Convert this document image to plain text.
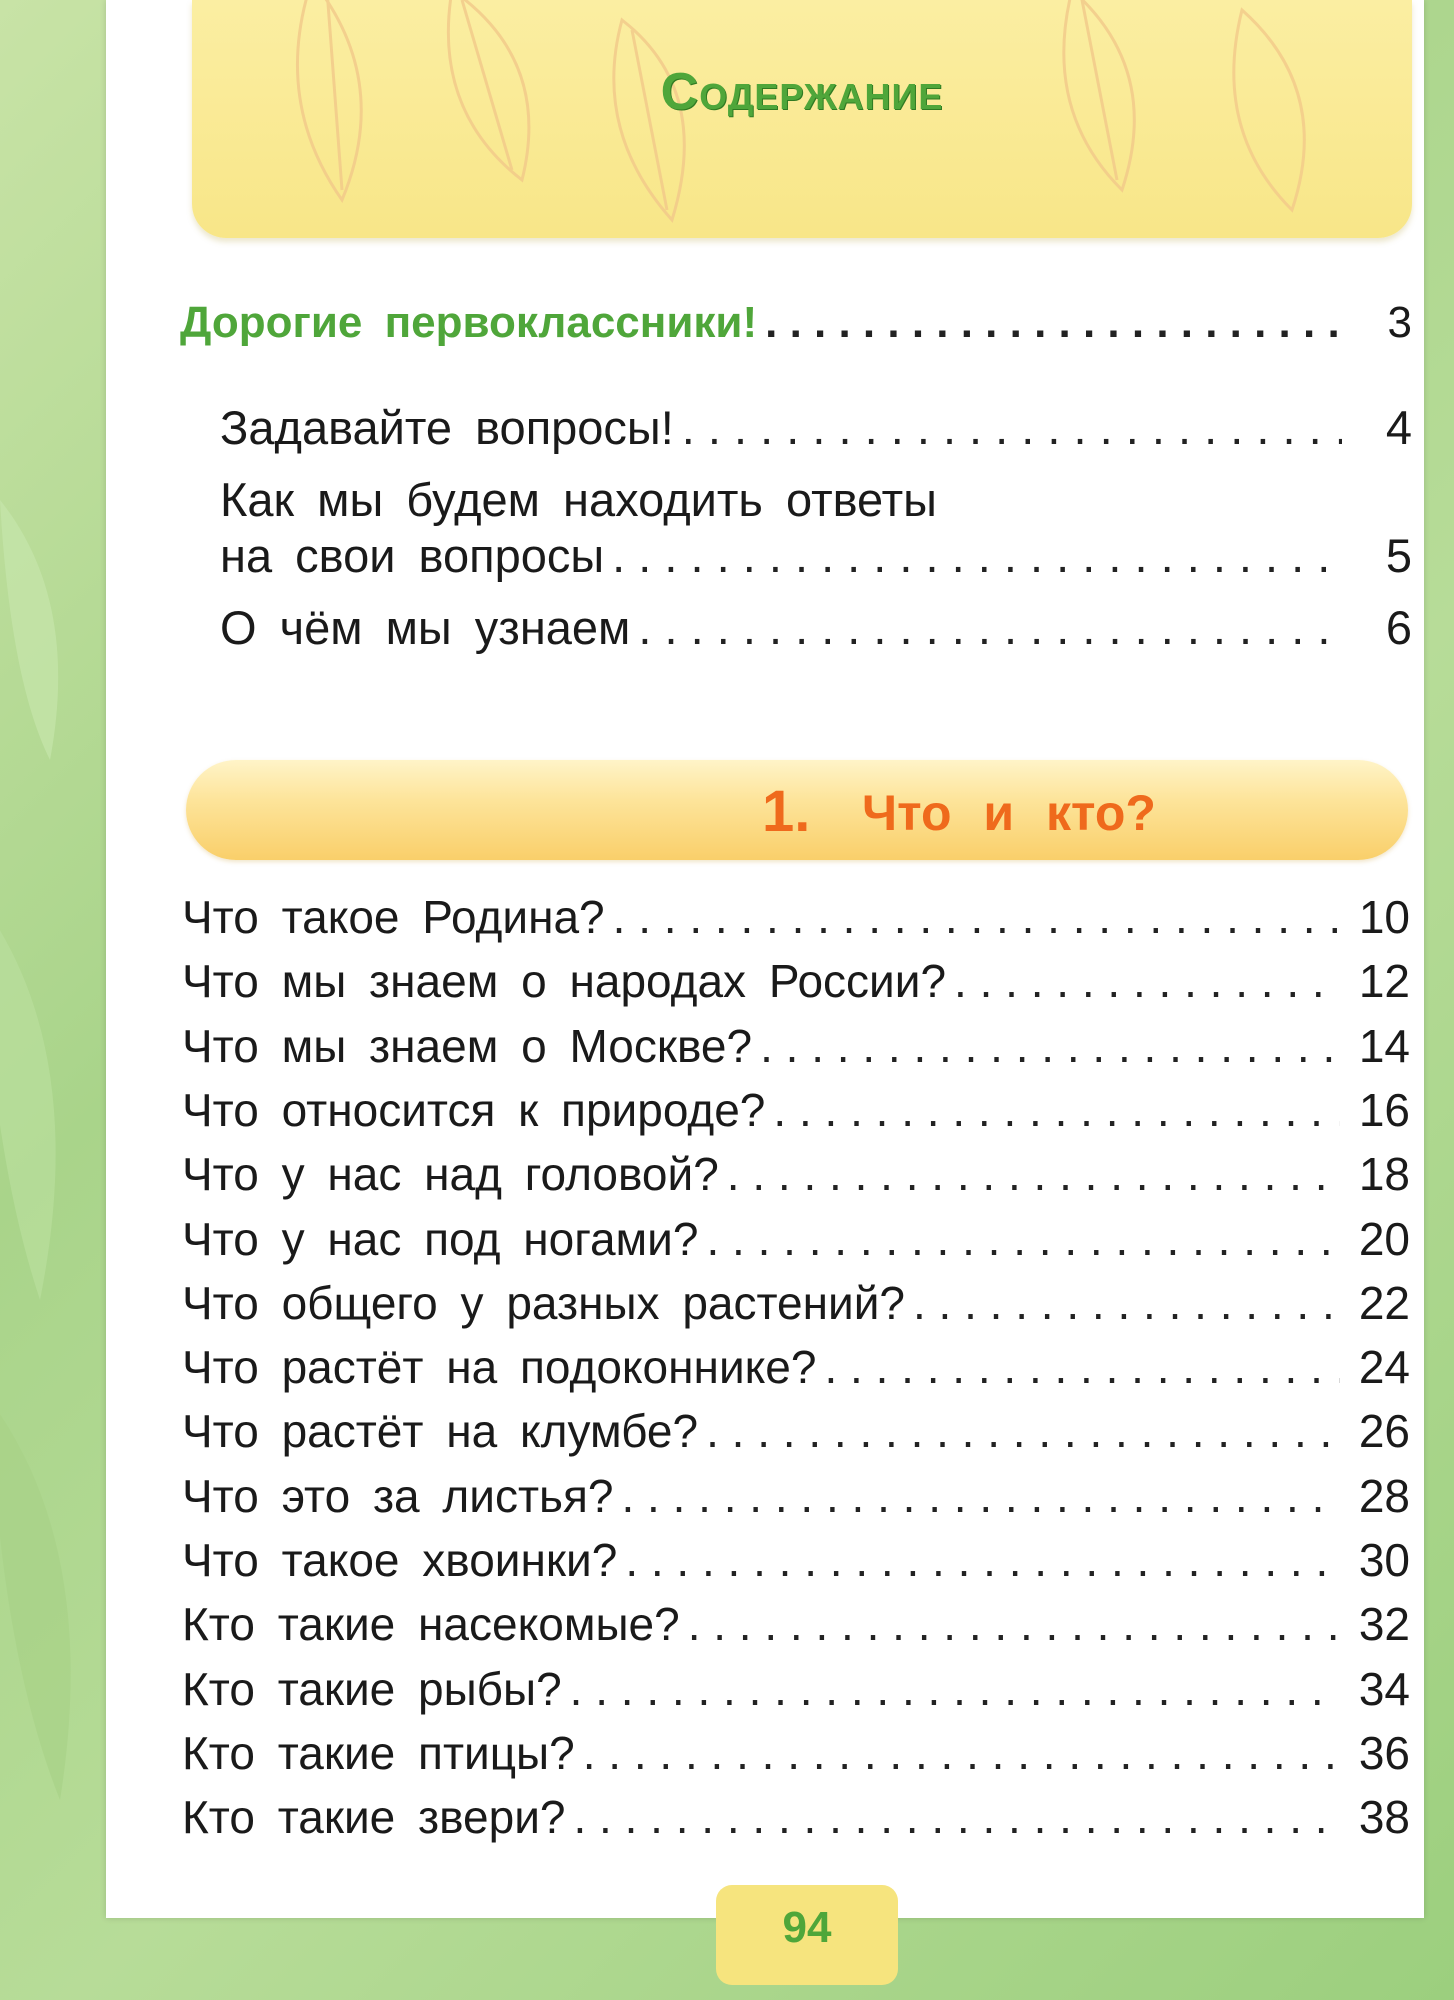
Содержание
Дорогие первоклассники! . . .	3
Задавайте вопросы! . . .	4
Как мы будем находить ответы
на свои вопросы . . .	5
О чём мы узнаем . . .	6
1. Что и кто?
Что такое Родина? . . .	10
Что мы знаем о народах России? . . .	12
Что мы знаем о Москве? . . .	14
Что относится к природе? . . .	16
Что у нас над головой? . . .	18
Что у нас под ногами? . . .	20
Что общего у разных растений? . . .	22
Что растёт на подоконнике? . . .	24
Что растёт на клумбе? . . .	26
Что это за листья? . . .	28
Что такое хвоинки? . . .	30
Кто такие насекомые? . . .	32
Кто такие рыбы? . . .	34
Кто такие птицы? . . .	36
Кто такие звери? . . .	38
94
